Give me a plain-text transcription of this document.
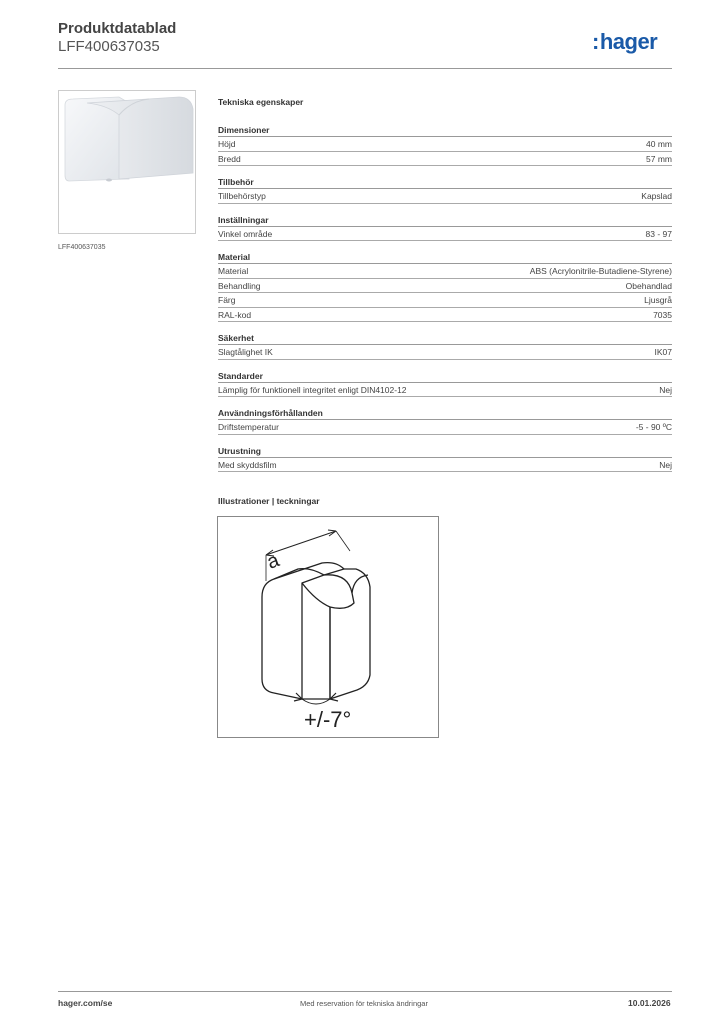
Produktdatablad
LFF400637035	:hager
LFF400637035
Tekniska egenskaper
Dimensioner
Höjd	40 mm
Bredd	57 mm
Tillbehör
Tillbehörstyp	Kapslad
Inställningar
Vinkel område	83 - 97
Material
Material	ABS (Acrylonitrile-Butadiene-Styrene)
Behandling	Obehandlad
Färg	Ljusgrå
RAL-kod	7035
Säkerhet
Slagtålighet IK	IK07
Standarder
Lämplig för funktionell integritet enligt DIN4102-12	Nej
Användningsförhållanden
Driftstemperatur	-5 - 90 ºC
Utrustning
Med skyddsfilm	Nej
Illustrationer | teckningar
a
+/-7°
hager.com/se	Med reservation för tekniska ändringar	10.01.2026
